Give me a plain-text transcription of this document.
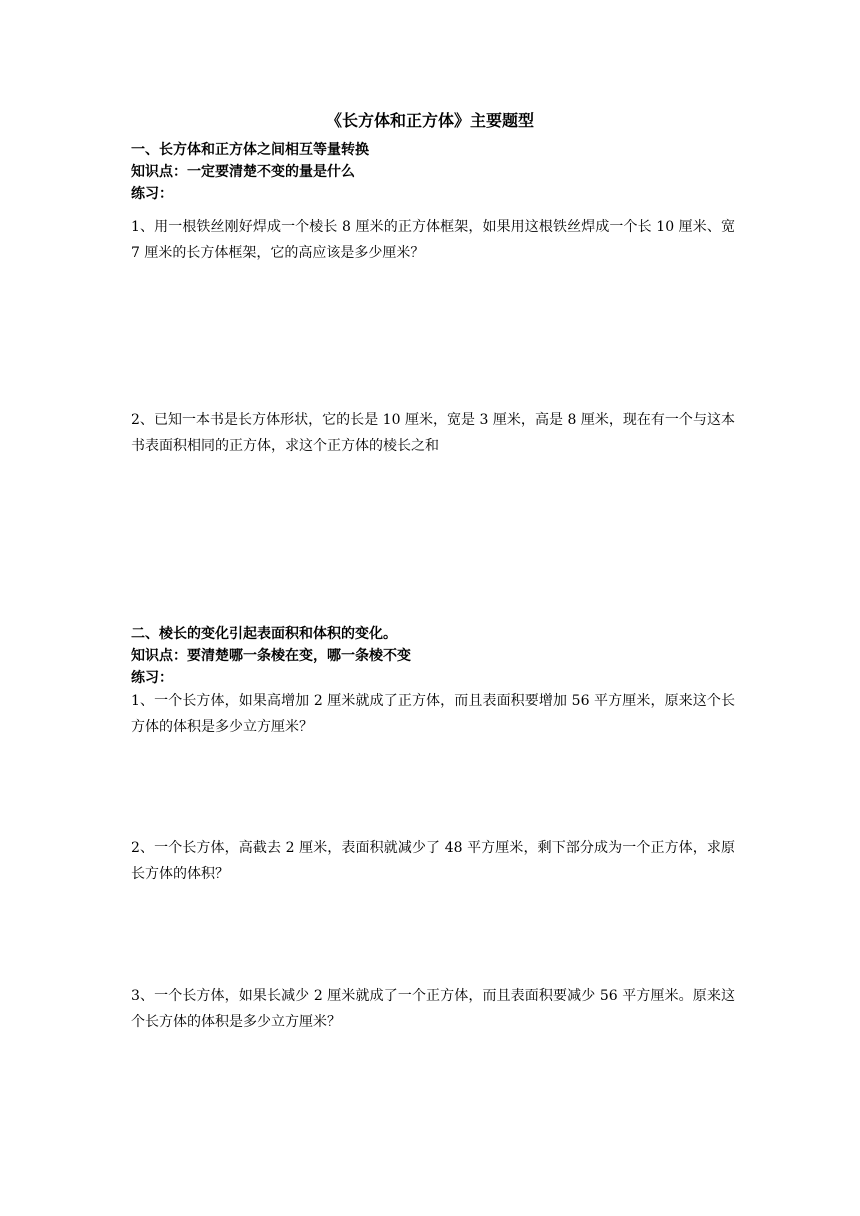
《长方体和正方体》主要题型
一、长方体和正方体之间相互等量转换
知识点：一定要清楚不变的量是什么
练习：
1、用一根铁丝刚好焊成一个棱长 8 厘米的正方体框架，如果用这根铁丝焊成一个长 10 厘米、宽 7 厘米的长方体框架，它的高应该是多少厘米？
2、已知一本书是长方体形状，它的长是 10 厘米，宽是 3 厘米，高是 8 厘米，现在有一个与这本书表面积相同的正方体，求这个正方体的棱长之和
二、棱长的变化引起表面积和体积的变化。
知识点：要清楚哪一条棱在变，哪一条棱不变
练习：
1、一个长方体，如果高增加 2 厘米就成了正方体，而且表面积要增加 56 平方厘米，原来这个长方体的体积是多少立方厘米？
2、一个长方体，高截去 2 厘米，表面积就减少了 48 平方厘米，剩下部分成为一个正方体，求原长方体的体积？
3、一个长方体，如果长减少 2 厘米就成了一个正方体，而且表面积要减少 56 平方厘米。原来这个长方体的体积是多少立方厘米？
